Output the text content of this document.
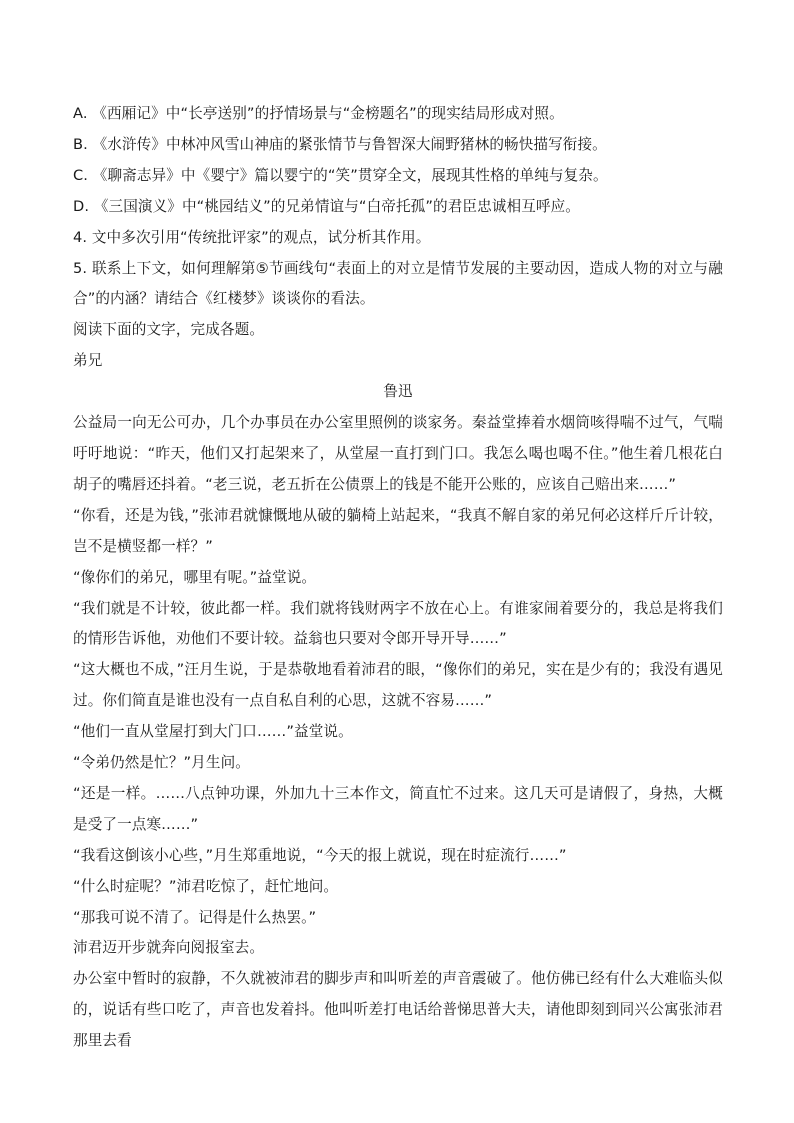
A. 《西厢记》中“长亭送别”的抒情场景与“金榜题名”的现实结局形成对照。

B. 《水浒传》中林冲风雪山神庙的紧张情节与鲁智深大闹野猪林的畅快描写衔接。

C. 《聊斋志异》中《婴宁》篇以婴宁的“笑”贯穿全文，展现其性格的单纯与复杂。

D. 《三国演义》中“桃园结义”的兄弟情谊与“白帝托孤”的君臣忠诚相互呼应。

4. 文中多次引用“传统批评家”的观点，试分析其作用。

5. 联系上下文，如何理解第⑤节画线句“表面上的对立是情节发展的主要动因，造成人物的对立与融合”的内涵？请结合《红楼梦》谈谈你的看法。

阅读下面的文字，完成各题。

弟兄

鲁迅

公益局一向无公可办，几个办事员在办公室里照例的谈家务。秦益堂捧着水烟筒咳得喘不过气，气喘吁吁地说：“昨天，他们又打起架来了，从堂屋一直打到门口。我怎么喝也喝不住。”他生着几根花白胡子的嘴唇还抖着。“老三说，老五折在公债票上的钱是不能开公账的，应该自己赔出来……”

“你看，还是为钱，”张沛君就慷慨地从破的躺椅上站起来，“我真不解自家的弟兄何必这样斤斤计较，岂不是横竖都一样？”

“像你们的弟兄，哪里有呢。”益堂说。

“我们就是不计较，彼此都一样。我们就将钱财两字不放在心上。有谁家闹着要分的，我总是将我们的情形告诉他，劝他们不要计较。益翁也只要对令郎开导开导……”

“这大概也不成，”汪月生说，于是恭敬地看着沛君的眼，“像你们的弟兄，实在是少有的；我没有遇见过。你们简直是谁也没有一点自私自利的心思，这就不容易……”

“他们一直从堂屋打到大门口……”益堂说。

“令弟仍然是忙？”月生问。

“还是一样。……八点钟功课，外加九十三本作文，简直忙不过来。这几天可是请假了，身热，大概是受了一点寒……”

“我看这倒该小心些，”月生郑重地说，“今天的报上就说，现在时症流行……”

“什么时症呢？”沛君吃惊了，赶忙地问。

“那我可说不清了。记得是什么热罢。”

沛君迈开步就奔向阅报室去。

办公室中暂时的寂静，不久就被沛君的脚步声和叫听差的声音震破了。他仿佛已经有什么大难临头似的，说话有些口吃了，声音也发着抖。他叫听差打电话给普悌思普大夫，请他即刻到同兴公寓张沛君那里去看
